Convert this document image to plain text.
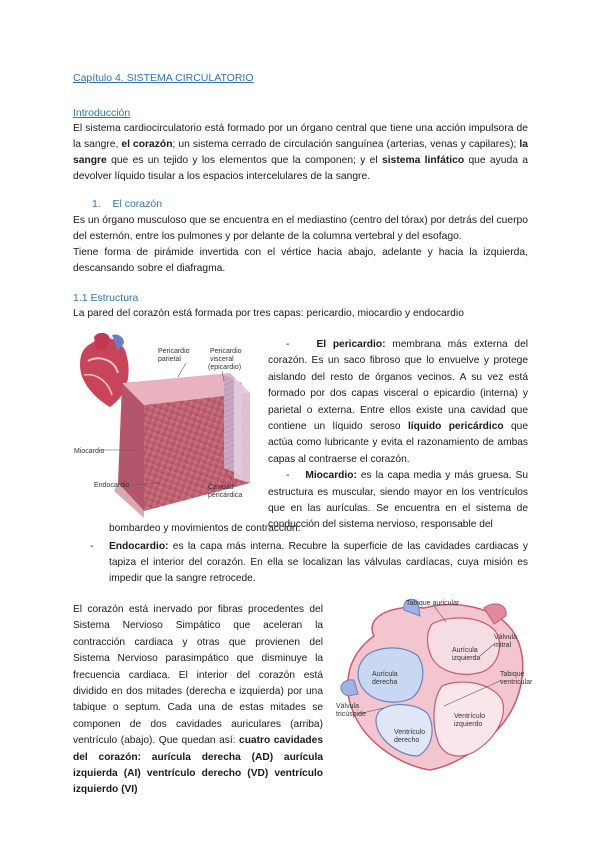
Capítulo 4. SISTEMA CIRCULATORIO
Introducción
El sistema cardiocirculatorio está formado por un órgano central que tiene una acción impulsora de la sangre, el corazón; un sistema cerrado de circulación sanguínea (arterias, venas y capilares); la sangre que es un tejido y los elementos que la componen; y el sistema linfático que ayuda a devolver líquido tisular a los espacios intercelulares de la sangre.
1. El corazón
Es un órgano musculoso que se encuentra en el mediastino (centro del tórax) por detrás del cuerpo del esternón, entre los pulmones y por delante de la columna vertebral y del esofago.
Tiene forma de pirámide invertida con el vértice hacia abajo, adelante y hacia la izquierda, descansando sobre el diafragma.
1.1 Estructura
La pared del corazón está formada por tres capas: pericardio, miocardio y endocardio
Pericardio
parietal
Pericardio
visceral
(epicardio)
Miocardio
Endocardio	Cavidad
pericárdica
-	El pericardio: membrana más externa del corazón. Es un saco fibroso que lo envuelve y protege aislando del resto de órganos vecinos. A su vez está formado por dos capas visceral o epicardio (interna) y parietal o externa. Entre ellos existe una cavidad que contiene un líquido seroso líquido pericárdico que actúa como lubricante y evita el razonamiento de ambas capas al contraerse el corazón.
- Miocardio: es la capa media y más gruesa. Su estructura es muscular, siendo mayor en los ventrículos que en las aurículas. Se encuentra en el sistema de conducción del sistema nervioso, responsable del
bombardeo y movimientos de contracción.
- Endocardio: es la capa más interna. Recubre la superficie de las cavidades cardiacas y tapiza el interior del corazón. En ella se localizan las válvulas cardíacas, cuya misión es impedir que la sangre retrocede.
El corazón está inervado por fibras procedentes del Sistema Nervioso Simpático que aceleran la contracción cardiaca y otras que provienen del Sistema Nervioso parasimpático que disminuye la frecuencia cardiaca. El interior del corazón está dividido en dos mitades (derecha e izquierda) por una tabique o septum. Cada una de estas mitades se componen de dos cavidades auriculares (arriba) ventrículo (abajo). Que quedan así: cuatro cavidades del corazón: aurícula derecha (AD) aurícula izquierda (AI) ventrículo derecho (VD) ventrículo izquierdo (VI)
Tabique auricular
Válvula
mitral
Aurícula
izquierda
Aurícula
derecha
Tabique
ventricular
Ventrículo
izquierdo
Ventrículo
derecho
Válvula
tricúspide
